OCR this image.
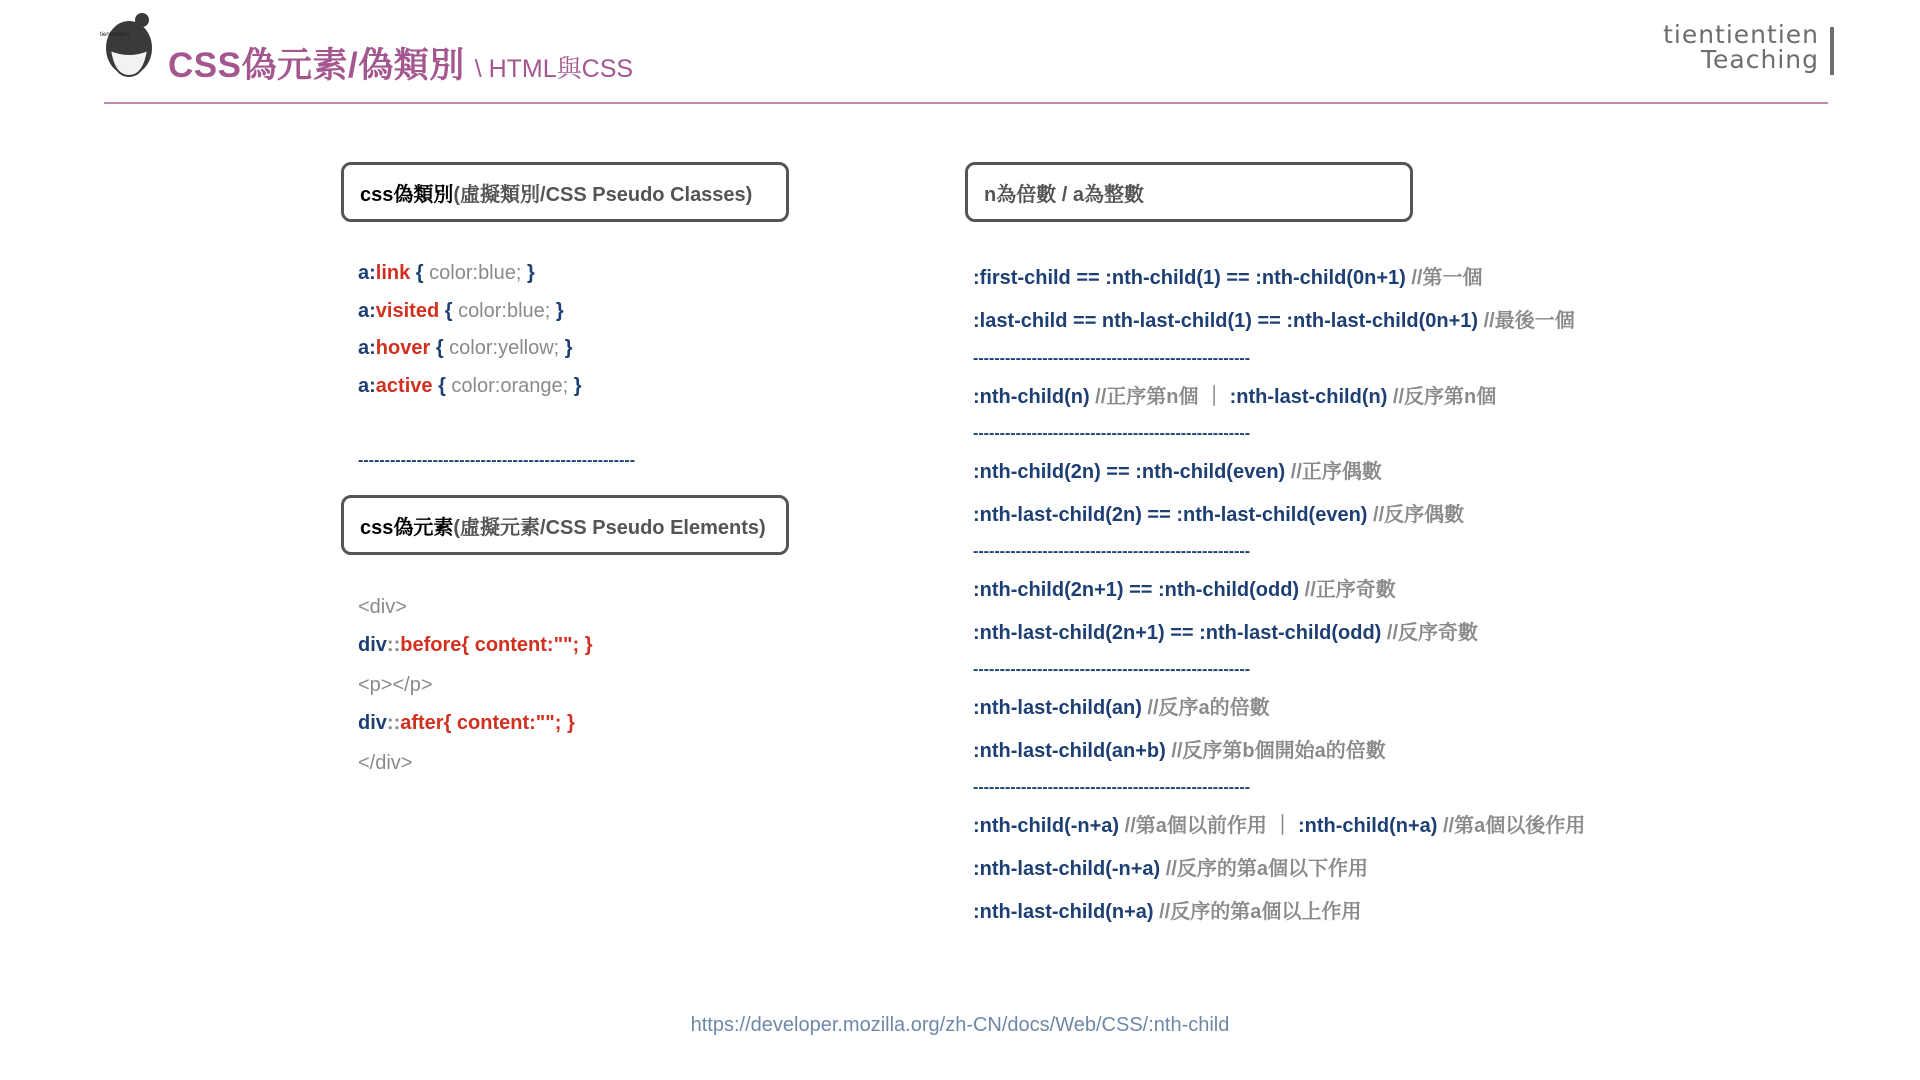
tientientien
CSS偽元素/偽類別 \ HTML與CSS
tientientien
Teaching
css偽類別 (虛擬類別/CSS Pseudo Classes)
a:link { color:blue; }
a:visited { color:blue; }
a:hover { color:yellow; }
a:active { color:orange; }
----------------------------------------------------
css偽元素 (虛擬元素/CSS Pseudo Elements)
<div>
div::before{ content:""; }
<p></p>
div::after{ content:""; }
</div>
n為倍數 / a為整數
:first-child == :nth-child(1) == :nth-child(0n+1) //第一個
:last-child == nth-last-child(1) == :nth-last-child(0n+1) //最後一個
:nth-child(n) //正序第n個 ｜ :nth-last-child(n) //反序第n個
:nth-child(2n) == :nth-child(even) //正序偶數
:nth-last-child(2n) == :nth-last-child(even) //反序偶數
:nth-child(2n+1) == :nth-child(odd) //正序奇數
:nth-last-child(2n+1) == :nth-last-child(odd) //反序奇數
:nth-last-child(an) //反序a的倍數
:nth-last-child(an+b) //反序第b個開始a的倍數
:nth-child(-n+a) //第a個以前作用 ｜ :nth-child(n+a) //第a個以後作用
:nth-last-child(-n+a) //反序的第a個以下作用
:nth-last-child(n+a) //反序的第a個以上作用
----------------------------------------------------
----------------------------------------------------
----------------------------------------------------
----------------------------------------------------
----------------------------------------------------
https://developer.mozilla.org/zh-CN/docs/Web/CSS/:nth-child
